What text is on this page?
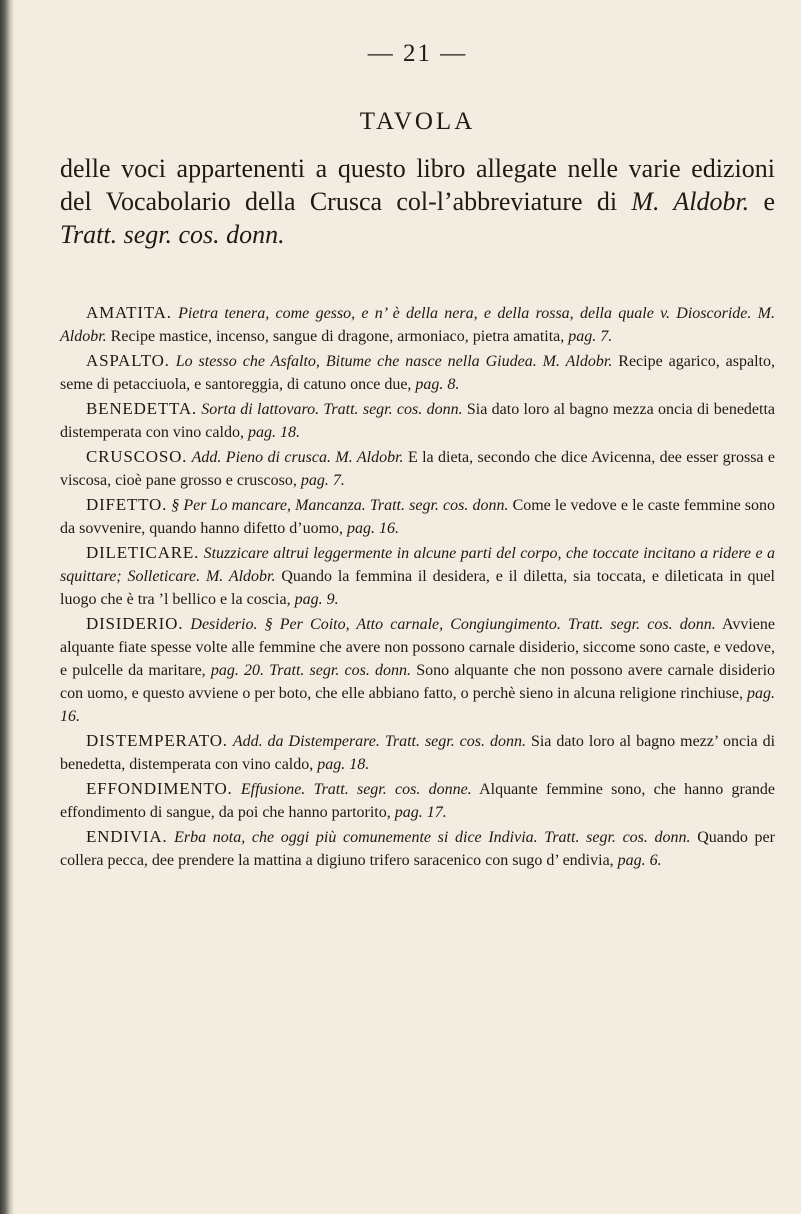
— 21 —
TAVOLA

delle voci appartenenti a questo libro allegate nelle varie edizioni del Vocabolario della Crusca col-l’abbreviature di M. Aldobr. e Tratt. segr. cos. donn.

AMATITA. Pietra tenera, come gesso, e n’ è della nera, e della rossa, della quale v. Dioscoride. M. Aldobr. Recipe mastice, incenso, sangue di dragone, armoniaco, pietra amatita, pag. 7.

ASPALTO. Lo stesso che Asfalto, Bitume che nasce nella Giudea. M. Aldobr. Recipe agarico, aspalto, seme di petacciuola, e santoreggia, di catuno once due, pag. 8.

BENEDETTA. Sorta di lattovaro. Tratt. segr. cos. donn. Sia dato loro al bagno mezza oncia di benedetta distemperata con vino caldo, pag. 18.

CRUSCOSO. Add. Pieno di crusca. M. Aldobr. E la dieta, secondo che dice Avicenna, dee esser grossa e viscosa, cioè pane grosso e cruscoso, pag. 7.

DIFETTO. § Per Lo mancare, Mancanza. Tratt. segr. cos. donn. Come le vedove e le caste femmine sono da sovvenire, quando hanno difetto d’uomo, pag. 16.

DILETICARE. Stuzzicare altrui leggermente in alcune parti del corpo, che toccate incitano a ridere e a squittare; Solleticare. M. Aldobr. Quando la femmina il desidera, e il diletta, sia toccata, e dileticata in quel luogo che è tra ’l bellico e la coscia, pag. 9.

DISIDERIO. Desiderio. § Per Coito, Atto carnale, Congiungimento. Tratt. segr. cos. donn. Avviene alquante fiate spesse volte alle femmine che avere non possono carnale disiderio, siccome sono caste, e vedove, e pulcelle da maritare, pag. 20. Tratt. segr. cos. donn. Sono alquante che non possono avere carnale disiderio con uomo, e questo avviene o per boto, che elle abbiano fatto, o perchè sieno in alcuna religione rinchiuse, pag. 16.

DISTEMPERATO. Add. da Distemperare. Tratt. segr. cos. donn. Sia dato loro al bagno mezz’ oncia di benedetta, distemperata con vino caldo, pag. 18.

EFFONDIMENTO. Effusione. Tratt. segr. cos. donne. Alquante femmine sono, che hanno grande effondimento di sangue, da poi che hanno partorito, pag. 17.

ENDIVIA. Erba nota, che oggi più comunemente si dice Indivia. Tratt. segr. cos. donn. Quando per collera pecca, dee prendere la mattina a digiuno trifero saracenico con sugo d’ endivia, pag. 6.
